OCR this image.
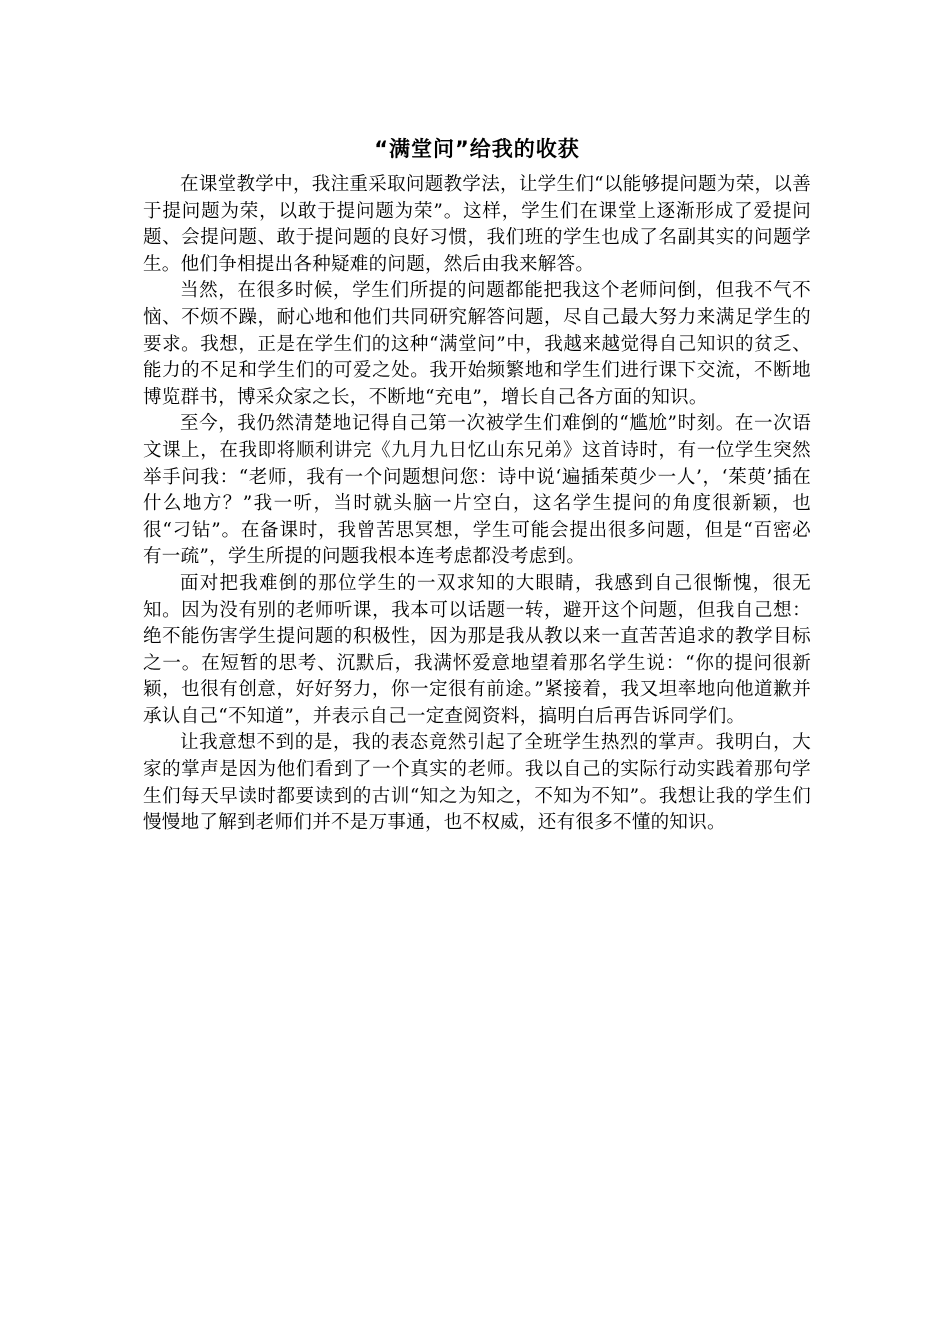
“满堂问”给我的收获

在课堂教学中，我注重采取问题教学法，让学生们“以能够提问题为荣，以善于提问题为荣，以敢于提问题为荣”。这样，学生们在课堂上逐渐形成了爱提问题、会提问题、敢于提问题的良好习惯，我们班的学生也成了名副其实的问题学生。他们争相提出各种疑难的问题，然后由我来解答。

当然，在很多时候，学生们所提的问题都能把我这个老师问倒，但我不气不恼、不烦不躁，耐心地和他们共同研究解答问题，尽自己最大努力来满足学生的要求。我想，正是在学生们的这种“满堂问”中，我越来越觉得自己知识的贫乏、能力的不足和学生们的可爱之处。我开始频繁地和学生们进行课下交流，不断地博览群书，博采众家之长，不断地“充电”，增长自己各方面的知识。

至今，我仍然清楚地记得自己第一次被学生们难倒的“尴尬”时刻。在一次语文课上，在我即将顺利讲完《九月九日忆山东兄弟》这首诗时，有一位学生突然举手问我：“老师，我有一个问题想问您：诗中说‘遍插茱萸少一人’，‘茱萸’插在什么地方？”我一听，当时就头脑一片空白，这名学生提问的角度很新颖，也很“刁钻”。在备课时，我曾苦思冥想，学生可能会提出很多问题，但是“百密必有一疏”，学生所提的问题我根本连考虑都没考虑到。

面对把我难倒的那位学生的一双求知的大眼睛，我感到自己很惭愧，很无知。因为没有别的老师听课，我本可以话题一转，避开这个问题，但我自己想：绝不能伤害学生提问题的积极性，因为那是我从教以来一直苦苦追求的教学目标之一。在短暂的思考、沉默后，我满怀爱意地望着那名学生说：“你的提问很新颖，也很有创意，好好努力，你一定很有前途。”紧接着，我又坦率地向他道歉并承认自己“不知道”，并表示自己一定查阅资料，搞明白后再告诉同学们。

让我意想不到的是，我的表态竟然引起了全班学生热烈的掌声。我明白，大家的掌声是因为他们看到了一个真实的老师。我以自己的实际行动实践着那句学生们每天早读时都要读到的古训“知之为知之，不知为不知”。我想让我的学生们慢慢地了解到老师们并不是万事通，也不权威，还有很多不懂的知识。
